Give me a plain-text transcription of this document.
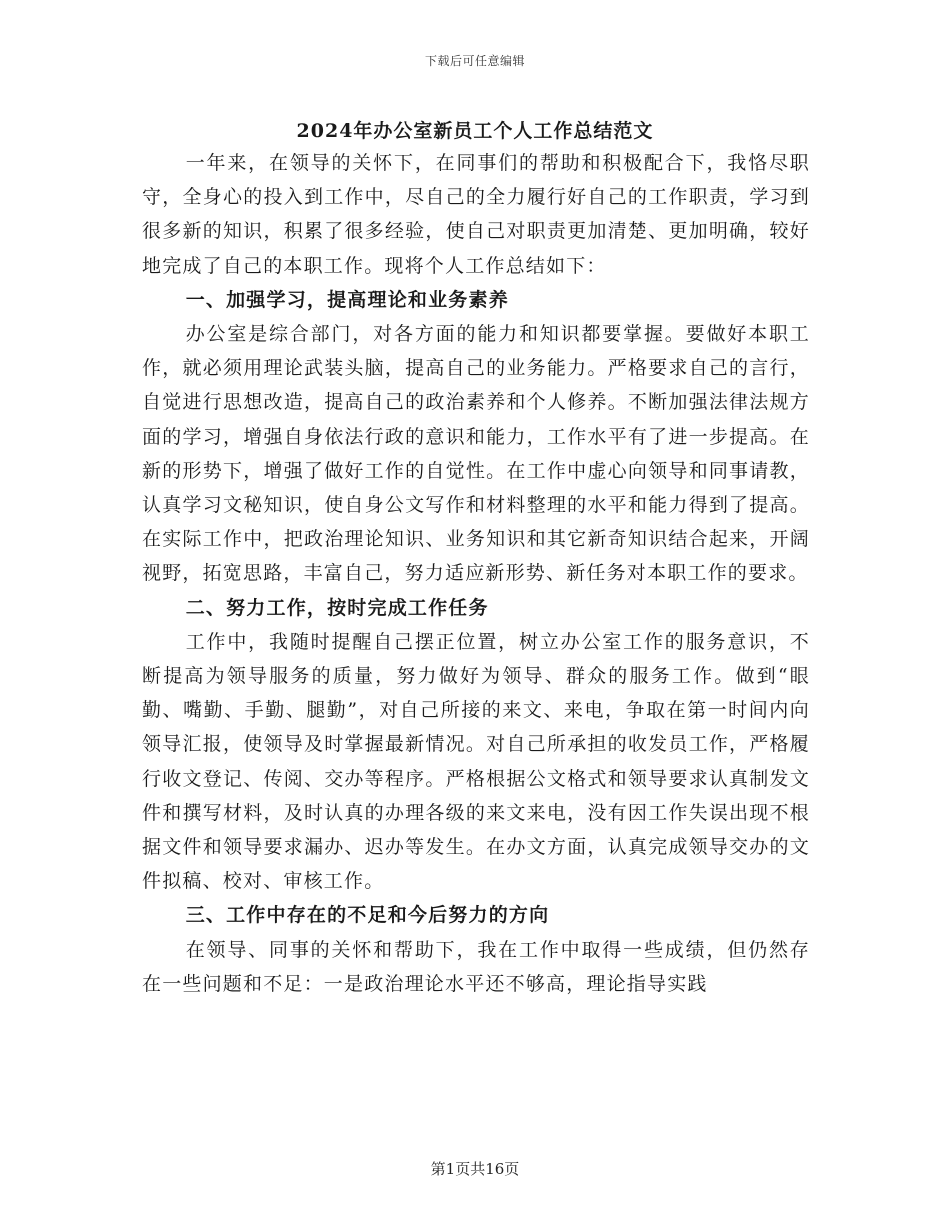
下载后可任意编辑
2024年办公室新员工个人工作总结范文

一年来，在领导的关怀下，在同事们的帮助和积极配合下，我恪尽职守，全身心的投入到工作中，尽自己的全力履行好自己的工作职责，学习到很多新的知识，积累了很多经验，使自己对职责更加清楚、更加明确，较好地完成了自己的本职工作。现将个人工作总结如下：

一、加强学习，提高理论和业务素养

办公室是综合部门，对各方面的能力和知识都要掌握。要做好本职工作，就必须用理论武装头脑，提高自己的业务能力。严格要求自己的言行，自觉进行思想改造，提高自己的政治素养和个人修养。不断加强法律法规方面的学习，增强自身依法行政的意识和能力，工作水平有了进一步提高。在新的形势下，增强了做好工作的自觉性。在工作中虚心向领导和同事请教，认真学习文秘知识，使自身公文写作和材料整理的水平和能力得到了提高。在实际工作中，把政治理论知识、业务知识和其它新奇知识结合起来，开阔视野，拓宽思路，丰富自己，努力适应新形势、新任务对本职工作的要求。

二、努力工作，按时完成工作任务

工作中，我随时提醒自己摆正位置，树立办公室工作的服务意识，不断提高为领导服务的质量，努力做好为领导、群众的服务工作。做到“眼勤、嘴勤、手勤、腿勤”，对自己所接的来文、来电，争取在第一时间内向领导汇报，使领导及时掌握最新情况。对自己所承担的收发员工作，严格履行收文登记、传阅、交办等程序。严格根据公文格式和领导要求认真制发文件和撰写材料，及时认真的办理各级的来文来电，没有因工作失误出现不根据文件和领导要求漏办、迟办等发生。在办文方面，认真完成领导交办的文件拟稿、校对、审核工作。

三、工作中存在的不足和今后努力的方向

在领导、同事的关怀和帮助下，我在工作中取得一些成绩，但仍然存在一些问题和不足：一是政治理论水平还不够高，理论指导实践

第1页共16页
